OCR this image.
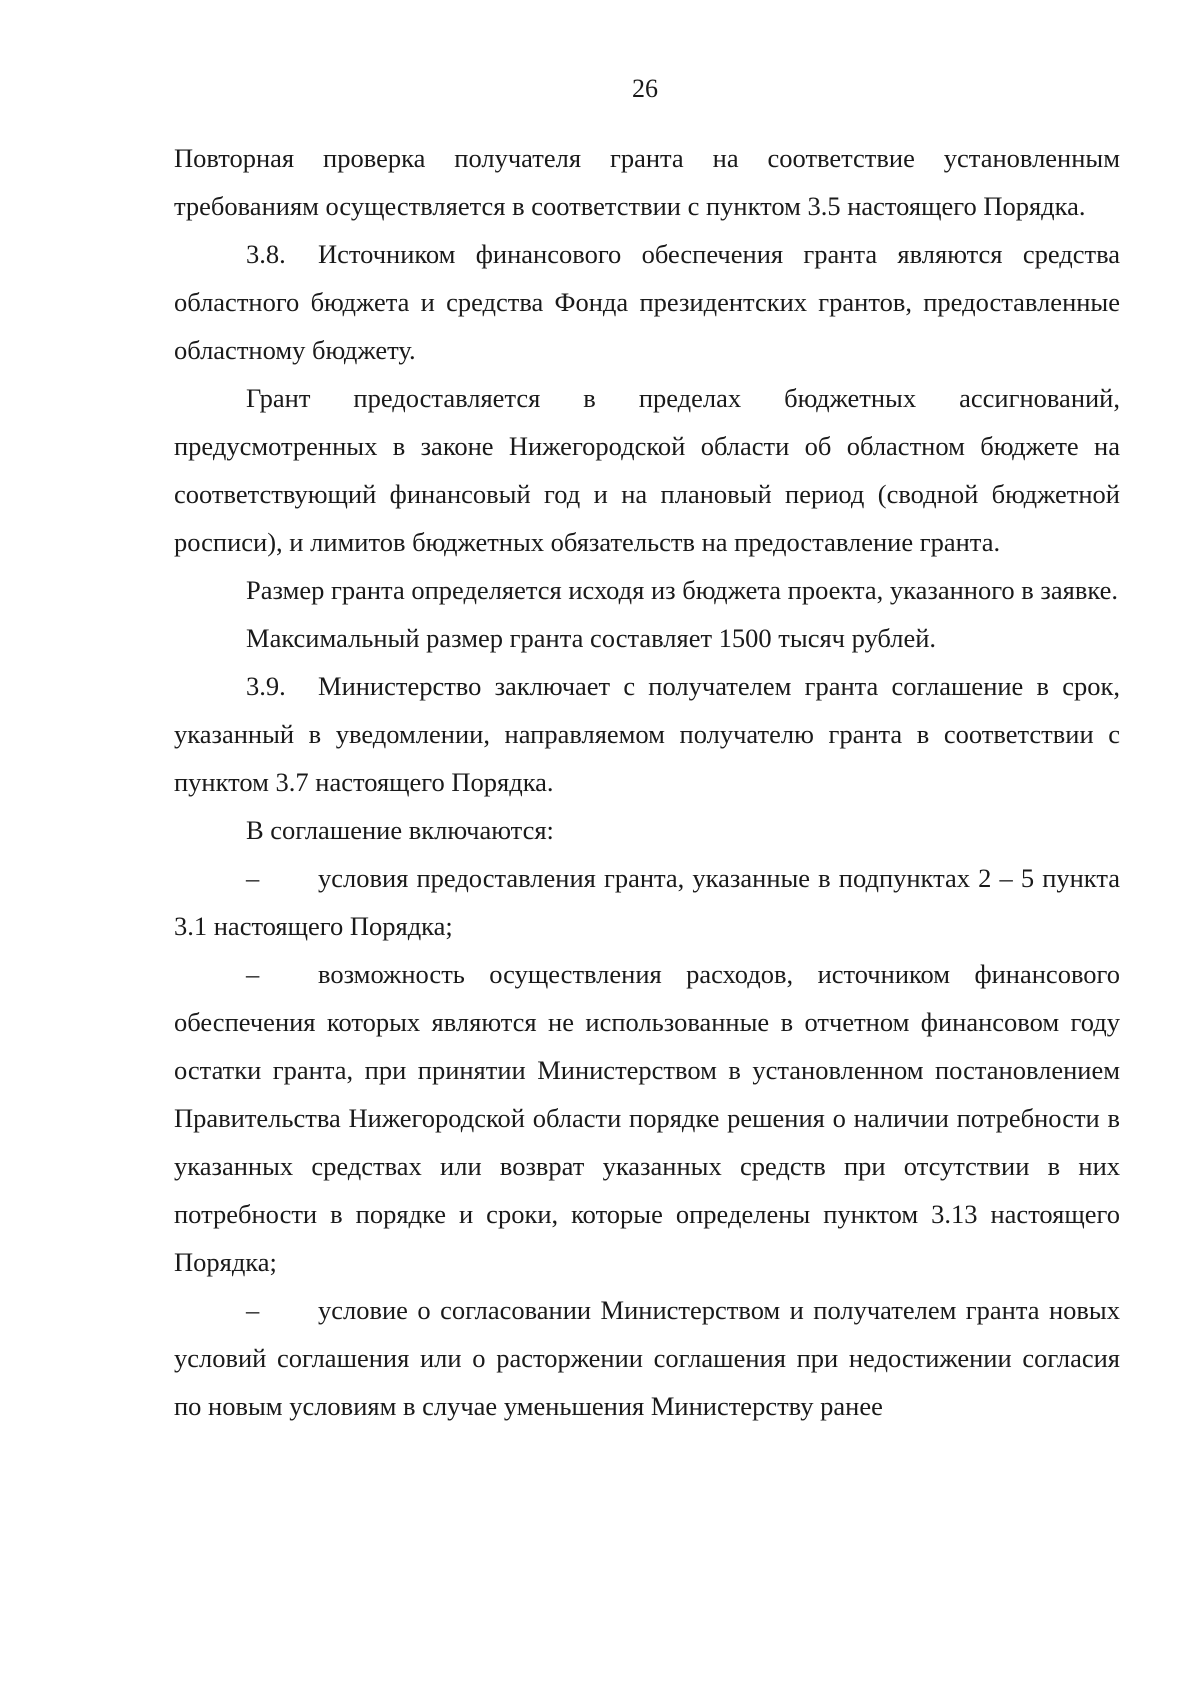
26

Повторная проверка получателя гранта на соответствие установленным требованиям осуществляется в соответствии с пунктом 3.5 настоящего Порядка.

3.8. Источником финансового обеспечения гранта являются средства областного бюджета и средства Фонда президентских грантов, предоставленные областному бюджету.

Грант предоставляется в пределах бюджетных ассигнований, предусмотренных в законе Нижегородской области об областном бюджете на соответствующий финансовый год и на плановый период (сводной бюджетной росписи), и лимитов бюджетных обязательств на предоставление гранта.

Размер гранта определяется исходя из бюджета проекта, указанного в заявке.

Максимальный размер гранта составляет 1500 тысяч рублей.

3.9. Министерство заключает с получателем гранта соглашение в срок, указанный в уведомлении, направляемом получателю гранта в соответствии с пунктом 3.7 настоящего Порядка.

В соглашение включаются:

– условия предоставления гранта, указанные в подпунктах 2 – 5 пункта 3.1 настоящего Порядка;

– возможность осуществления расходов, источником финансового обеспечения которых являются не использованные в отчетном финансовом году остатки гранта, при принятии Министерством в установленном постановлением Правительства Нижегородской области порядке решения о наличии потребности в указанных средствах или возврат указанных средств при отсутствии в них потребности в порядке и сроки, которые определены пунктом 3.13 настоящего Порядка;

– условие о согласовании Министерством и получателем гранта новых условий соглашения или о расторжении соглашения при недостижении согласия по новым условиям в случае уменьшения Министерству ранее
